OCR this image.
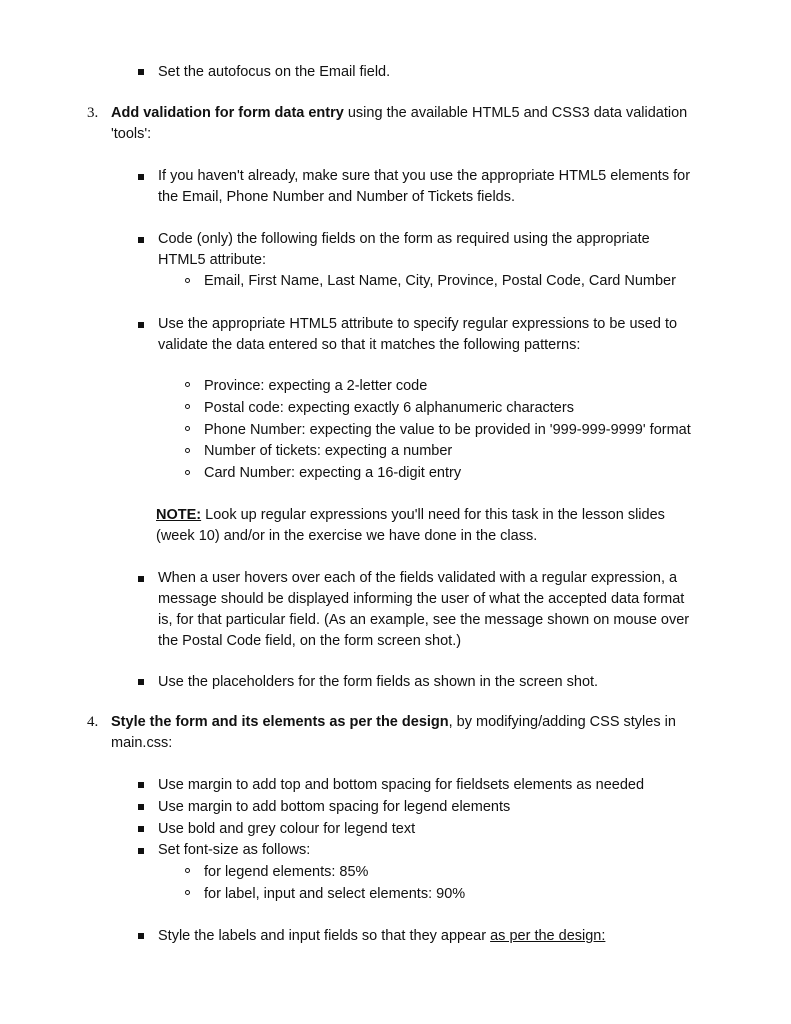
Set the autofocus on the Email field.
3. Add validation for form data entry using the available HTML5 and CSS3 data validation
'tools':
If you haven't already, make sure that you use the appropriate HTML5 elements for
the Email, Phone Number and Number of Tickets fields.
Code (only) the following fields on the form as required using the appropriate
HTML5 attribute:
Email, First Name, Last Name, City, Province, Postal Code, Card Number
Use the appropriate HTML5 attribute to specify regular expressions to be used to
validate the data entered so that it matches the following patterns:
Province: expecting a 2-letter code
Postal code: expecting exactly 6 alphanumeric characters
Phone Number: expecting the value to be provided in '999-999-9999' format
Number of tickets: expecting a number
Card Number: expecting a 16-digit entry
NOTE: Look up regular expressions you'll need for this task in the lesson slides
(week 10) and/or in the exercise we have done in the class.
When a user hovers over each of the fields validated with a regular expression, a
message should be displayed informing the user of what the accepted data format
is, for that particular field. (As an example, see the message shown on mouse over
the Postal Code field, on the form screen shot.)
Use the placeholders for the form fields as shown in the screen shot.
4. Style the form and its elements as per the design, by modifying/adding CSS styles in
main.css:
Use margin to add top and bottom spacing for fieldsets elements as needed
Use margin to add bottom spacing for legend elements
Use bold and grey colour for legend text
Set font-size as follows:
for legend elements: 85%
for label, input and select elements: 90%
Style the labels and input fields so that they appear as per the design:
